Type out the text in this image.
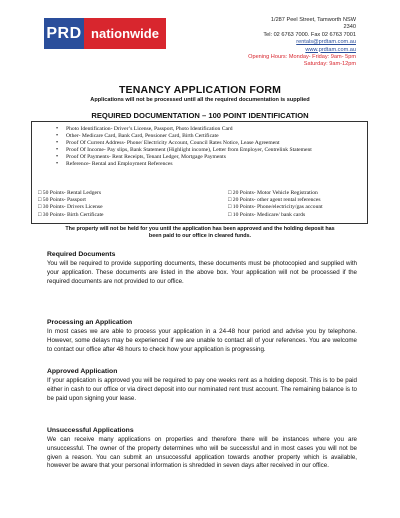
PRD nationwide
1/287 Peel Street, Tamworth NSW
2340
Tel: 02 6763 7000. Fax 02 6763 7001
rentals@prdtam.com.au
www.prdtam.com.au
Opening Hours: Monday- Friday: 9am- 5pm
Saturday: 9am-12pm
TENANCY APPLICATION FORM
Applications will not be processed until all the required documentation is supplied
REQUIRED DOCUMENTATION – 100 POINT IDENTIFICATION
• Photo Identification- Driver’s License, Passport, Photo Identification Card
• Other- Medicare Card, Bank Card, Pensioner Card, Birth Certificate
• Proof Of Current Address- Phone/ Electricity Account, Council Rates Notice, Lease Agreement
• Proof Of Income- Pay slips, Bank Statement (Highlight income), Letter from Employer, Centrelink Statement
• Proof Of Payments- Rent Receipts, Tenant Ledger, Mortgage Payments
• Reference- Rental and Employment References
□ 50 Points- Rental Ledgers
□ 50 Points- Passport
□ 30 Points- Drivers License
□ 30 Points- Birth Certificate
□ 20 Points- Motor Vehicle Registration
□ 20 Points- other agent rental references
□ 10 Points- Phone/electricity/gas account
□ 10 Points- Medicare/ bank cards
The property will not be held for you until the application has been approved and the holding deposit has
been paid to our office in cleared funds.
Required Documents

You will be required to provide supporting documents, these documents must be photocopied and supplied with your application. These documents are listed in the above box. Your application will not be processed if the required documents are not provided to our office.

Processing an Application

In most cases we are able to process your application in a 24-48 hour period and advise you by telephone. However, some delays may be experienced if we are unable to contact all of your references. You are welcome to contact our office after 48 hours to check how your application is progressing.

Approved Application

If your application is approved you will be required to pay one weeks rent as a holding deposit. This is to be paid either in cash to our office or via direct deposit into our nominated rent trust account. The remaining balance is to be paid upon signing your lease.

Unsuccessful Applications

We can receive many applications on properties and therefore there will be instances where you are unsuccessful. The owner of the property determines who will be successful and in most cases you will not be given a reason. You can submit an unsuccessful application towards another property which is available, however be aware that your personal information is shredded in seven days after received in our office.
